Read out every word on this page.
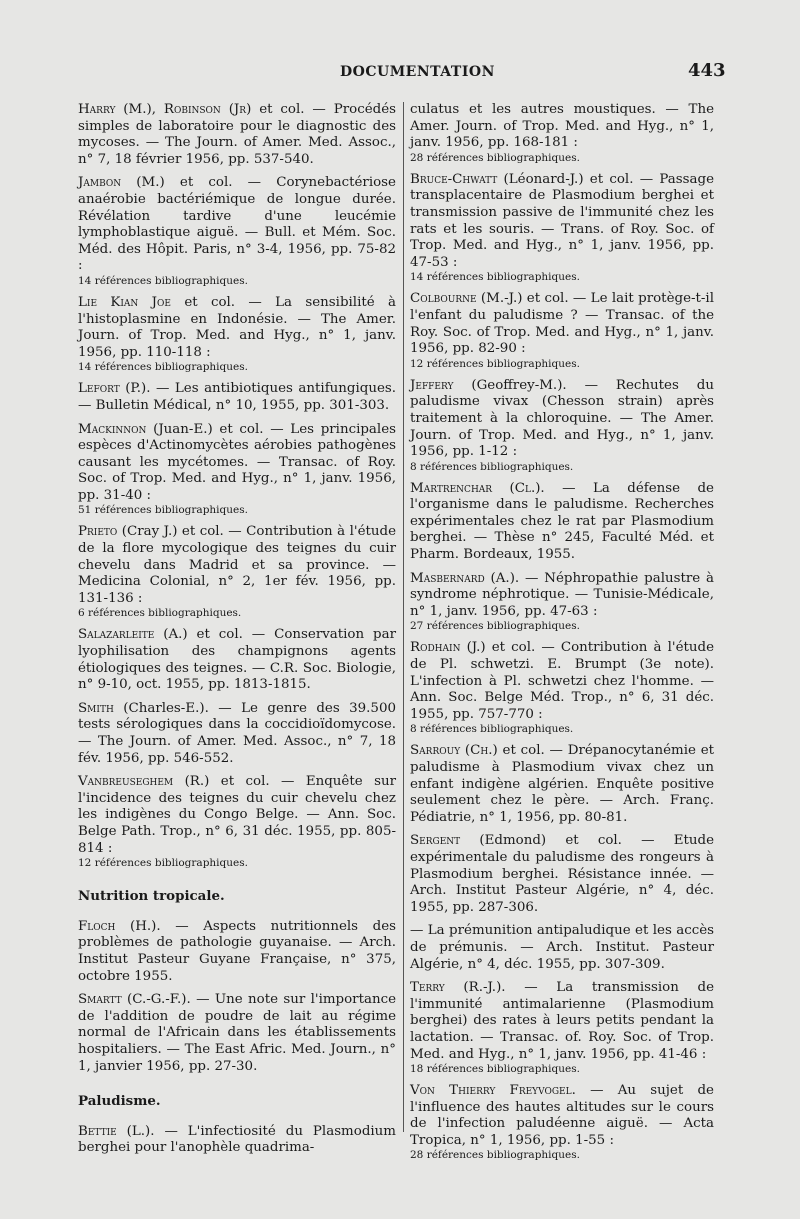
DOCUMENTATION	443
Harry (M.), Robinson (Jr) et col. — Procédés simples de laboratoire pour le diagnostic des mycoses. — The Journ. of Amer. Med. Assoc., n° 7, 18 février 1956, pp. 537-540.
Jambon (M.) et col. — Corynebactériose anaérobie bactériémique de longue durée. Révélation tardive d'une leucémie lymphoblastique aiguë. — Bull. et Mém. Soc. Méd. des Hôpit. Paris, n° 3-4, 1956, pp. 75-82 :
14 références bibliographiques.
Lie Kian Joe et col. — La sensibilité à l'histoplasmine en Indonésie. — The Amer. Journ. of Trop. Med. and Hyg., n° 1, janv. 1956, pp. 110-118 :
14 références bibliographiques.
Lefort (P.). — Les antibiotiques antifungiques. — Bulletin Médical, n° 10, 1955, pp. 301-303.
Mackinnon (Juan-E.) et col. — Les principales espèces d'Actinomycètes aérobies pathogènes causant les mycétomes. — Transac. of Roy. Soc. of Trop. Med. and Hyg., n° 1, janv. 1956, pp. 31-40 :
51 références bibliographiques.
Prieto (Cray J.) et col. — Contribution à l'étude de la flore mycologique des teignes du cuir chevelu dans Madrid et sa province. — Medicina Colonial, n° 2, 1er fév. 1956, pp. 131-136 :
6 références bibliographiques.
Salazarleite (A.) et col. — Conservation par lyophilisation des champignons agents étiologiques des teignes. — C.R. Soc. Biologie, n° 9-10, oct. 1955, pp. 1813-1815.
Smith (Charles-E.). — Le genre des 39.500 tests sérologiques dans la coccidioïdomycose. — The Journ. of Amer. Med. Assoc., n° 7, 18 fév. 1956, pp. 546-552.
Vanbreuseghem (R.) et col. — Enquête sur l'incidence des teignes du cuir chevelu chez les indigènes du Congo Belge. — Ann. Soc. Belge Path. Trop., n° 6, 31 déc. 1955, pp. 805-814 :
12 références bibliographiques.
Nutrition tropicale.
Floch (H.). — Aspects nutritionnels des problèmes de pathologie guyanaise. — Arch. Institut Pasteur Guyane Française, n° 375, octobre 1955.
Smartt (C.-G.-F.). — Une note sur l'importance de l'addition de poudre de lait au régime normal de l'Africain dans les établissements hospitaliers. — The East Afric. Med. Journ., n° 1, janvier 1956, pp. 27-30.
Paludisme.
Bettie (L.). — L'infectiosité du Plasmodium berghei pour l'anophèle quadrima-
culatus et les autres moustiques. — The Amer. Journ. of Trop. Med. and Hyg., n° 1, janv. 1956, pp. 168-181 :
28 références bibliographiques.
Bruce-Chwatt (Léonard-J.) et col. — Passage transplacentaire de Plasmodium berghei et transmission passive de l'immunité chez les rats et les souris. — Trans. of Roy. Soc. of Trop. Med. and Hyg., n° 1, janv. 1956, pp. 47-53 :
14 références bibliographiques.
Colbourne (M.-J.) et col. — Le lait protège-t-il l'enfant du paludisme ? — Transac. of the Roy. Soc. of Trop. Med. and Hyg., n° 1, janv. 1956, pp. 82-90 :
12 références bibliographiques.
Jeffery (Geoffrey-M.). — Rechutes du paludisme vivax (Chesson strain) après traitement à la chloroquine. — The Amer. Journ. of Trop. Med. and Hyg., n° 1, janv. 1956, pp. 1-12 :
8 références bibliographiques.
Martrenchar (Cl.). — La défense de l'organisme dans le paludisme. Recherches expérimentales chez le rat par Plasmodium berghei. — Thèse n° 245, Faculté Méd. et Pharm. Bordeaux, 1955.
Masbernard (A.). — Néphropathie palustre à syndrome néphrotique. — Tunisie-Médicale, n° 1, janv. 1956, pp. 47-63 :
27 références bibliographiques.
Rodhain (J.) et col. — Contribution à l'étude de Pl. schwetzi. E. Brumpt (3e note). L'infection à Pl. schwetzi chez l'homme. — Ann. Soc. Belge Méd. Trop., n° 6, 31 déc. 1955, pp. 757-770 :
8 références bibliographiques.
Sarrouy (Ch.) et col. — Drépanocytanémie et paludisme à Plasmodium vivax chez un enfant indigène algérien. Enquête positive seulement chez le père. — Arch. Franç. Pédiatrie, n° 1, 1956, pp. 80-81.
Sergent (Edmond) et col. — Etude expérimentale du paludisme des rongeurs à Plasmodium berghei. Résistance innée. — Arch. Institut Pasteur Algérie, n° 4, déc. 1955, pp. 287-306.
— La prémunition antipaludique et les accès de prémunis. — Arch. Institut. Pasteur Algérie, n° 4, déc. 1955, pp. 307-309.
Terry (R.-J.). — La transmission de l'immunité antimalarienne (Plasmodium berghei) des rates à leurs petits pendant la lactation. — Transac. of. Roy. Soc. of Trop. Med. and Hyg., n° 1, janv. 1956, pp. 41-46 :
18 références bibliographiques.
Von Thierry Freyvogel. — Au sujet de l'influence des hautes altitudes sur le cours de l'infection paludéenne aiguë. — Acta Tropica, n° 1, 1956, pp. 1-55 :
28 références bibliographiques.
